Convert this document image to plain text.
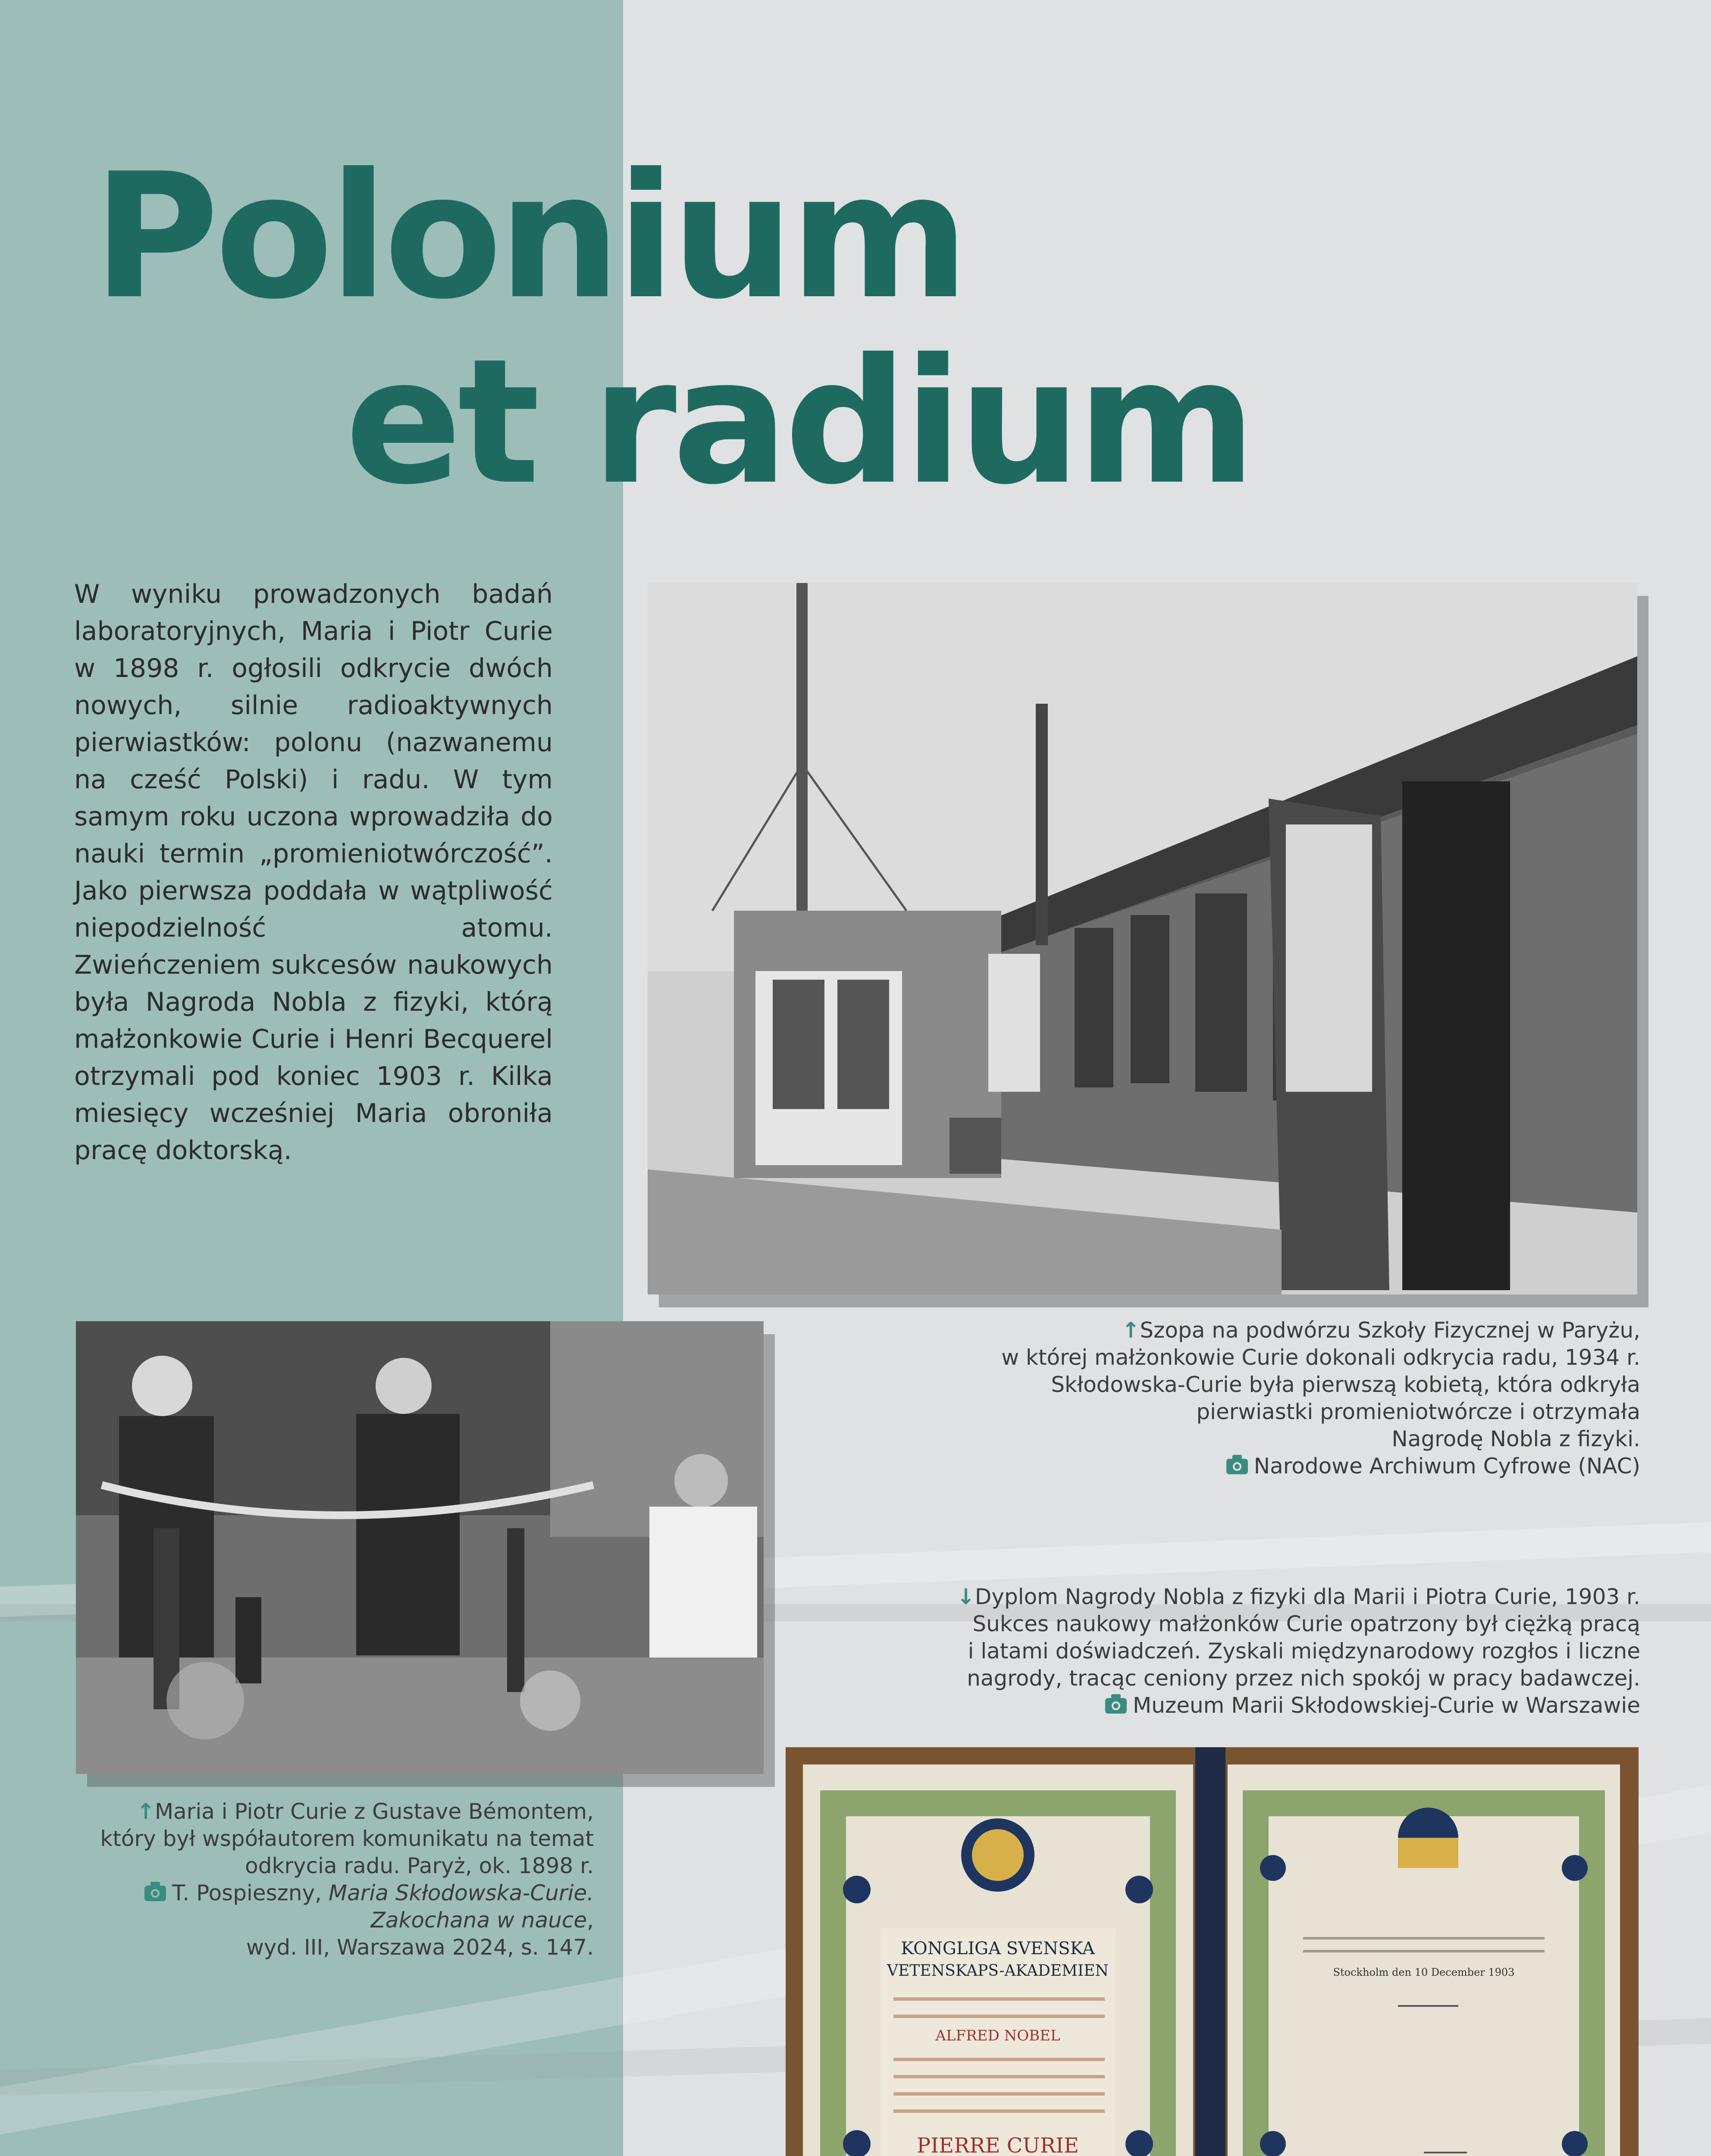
Polonium
et radium

W wyniku prowadzonych badań laboratoryjnych, Maria i Piotr Curie w 1898 r. ogłosili odkrycie dwóch nowych, silnie radioaktywnych pierwiastków: polonu (nazwanemu na cześć Polski) i radu. W tym samym roku uczona wprowadziła do nauki termin „promieniotwórczość”. Jako pierwsza poddała w wątpliwość niepodzielność atomu. Zwieńczeniem sukcesów naukowych była Nagroda Nobla z fizyki, którą małżonkowie Curie i Henri Becquerel otrzymali pod koniec 1903 r. Kilka miesięcy wcześniej Maria obroniła pracę doktorską.

↑Szopa na podwórzu Szkoły Fizycznej w Paryżu,
w której małżonkowie Curie dokonali odkrycia radu, 1934 r.
Skłodowska-Curie była pierwszą kobietą, która odkryła
pierwiastki promieniotwórcze i otrzymała
Nagrodę Nobla z fizyki.
Narodowe Archiwum Cyfrowe (NAC)

↑Maria i Piotr Curie z Gustave Bémontem,
który był współautorem komunikatu na temat
odkrycia radu. Paryż, ok. 1898 r.
T. Pospieszny, Maria Skłodowska-Curie.
Zakochana w nauce,
wyd. III, Warszawa 2024, s. 147.

↓Dyplom Nagrody Nobla z fizyki dla Marii i Piotra Curie, 1903 r.
Sukces naukowy małżonków Curie opatrzony był ciężką pracą
i latami doświadczeń. Zyskali międzynarodowy rozgłos i liczne
nagrody, tracąc ceniony przez nich spokój w pracy badawczej.
Muzeum Marii Skłodowskiej-Curie w Warszawie

KONGLIGA SVENSKA
VETENSKAPS-AKADEMIEN
ALFRED NOBEL
PIERRE CURIE
Stockholm den 10 December 1903
